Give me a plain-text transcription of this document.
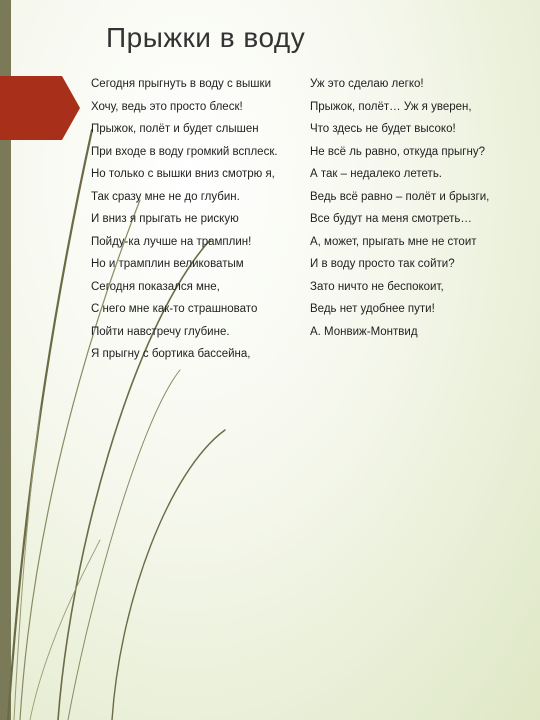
Прыжки в воду
Сегодня прыгнуть в воду с вышки
Хочу, ведь это просто блеск!
Прыжок, полёт и будет слышен
При входе в воду громкий всплеск.
Но только с вышки вниз смотрю я,
Так сразу мне не до глубин.
И вниз я прыгать не рискую
Пойду-ка лучше на трамплин!
Но и трамплин великоватым
Сегодня показался мне,
С него мне как-то страшновато
Пойти навстречу глубине.
Я прыгну с бортика бассейна,
Уж это сделаю легко!
Прыжок, полёт… Уж я уверен,
Что здесь не будет высоко!
Не всё ль равно, откуда прыгну?
А так – недалеко лететь.
Ведь всё равно – полёт и брызги,
Все будут на меня смотреть…
А, может, прыгать мне не стоит
И в воду просто так сойти?
Зато ничто не беспокоит,
Ведь нет удобнее пути!
А. Монвиж-Монтвид
